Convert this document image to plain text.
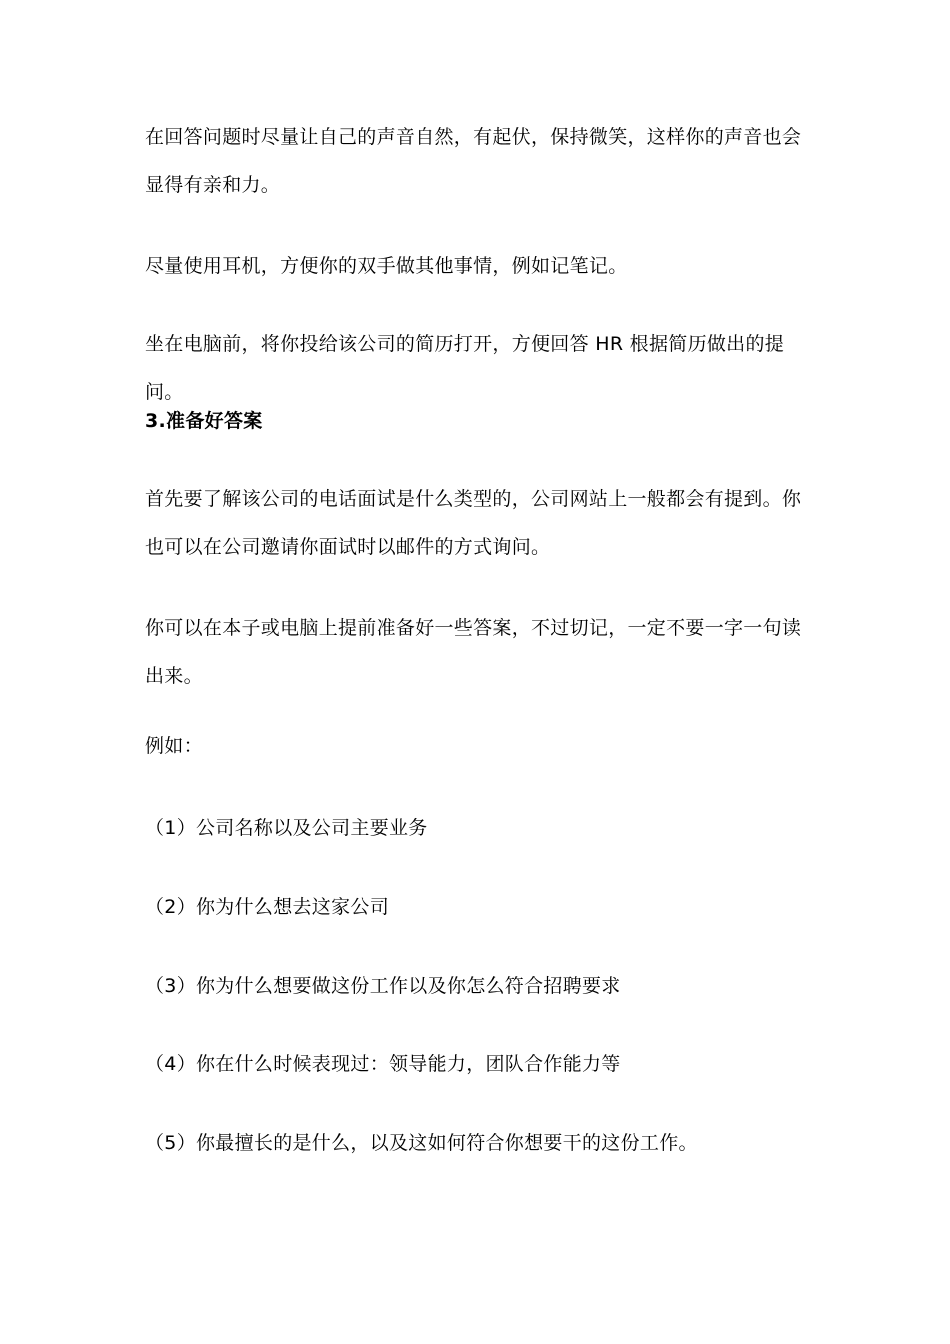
在回答问题时尽量让自己的声音自然，有起伏，保持微笑，这样你的声音也会显得有亲和力。

尽量使用耳机，方便你的双手做其他事情，例如记笔记。

坐在电脑前，将你投给该公司的简历打开，方便回答 HR 根据简历做出的提问。

3.准备好答案

首先要了解该公司的电话面试是什么类型的，公司网站上一般都会有提到。你也可以在公司邀请你面试时以邮件的方式询问。

你可以在本子或电脑上提前准备好一些答案，不过切记，一定不要一字一句读出来。

例如：

（1）公司名称以及公司主要业务

（2）你为什么想去这家公司

（3）你为什么想要做这份工作以及你怎么符合招聘要求

（4）你在什么时候表现过：领导能力，团队合作能力等

（5）你最擅长的是什么，以及这如何符合你想要干的这份工作。
